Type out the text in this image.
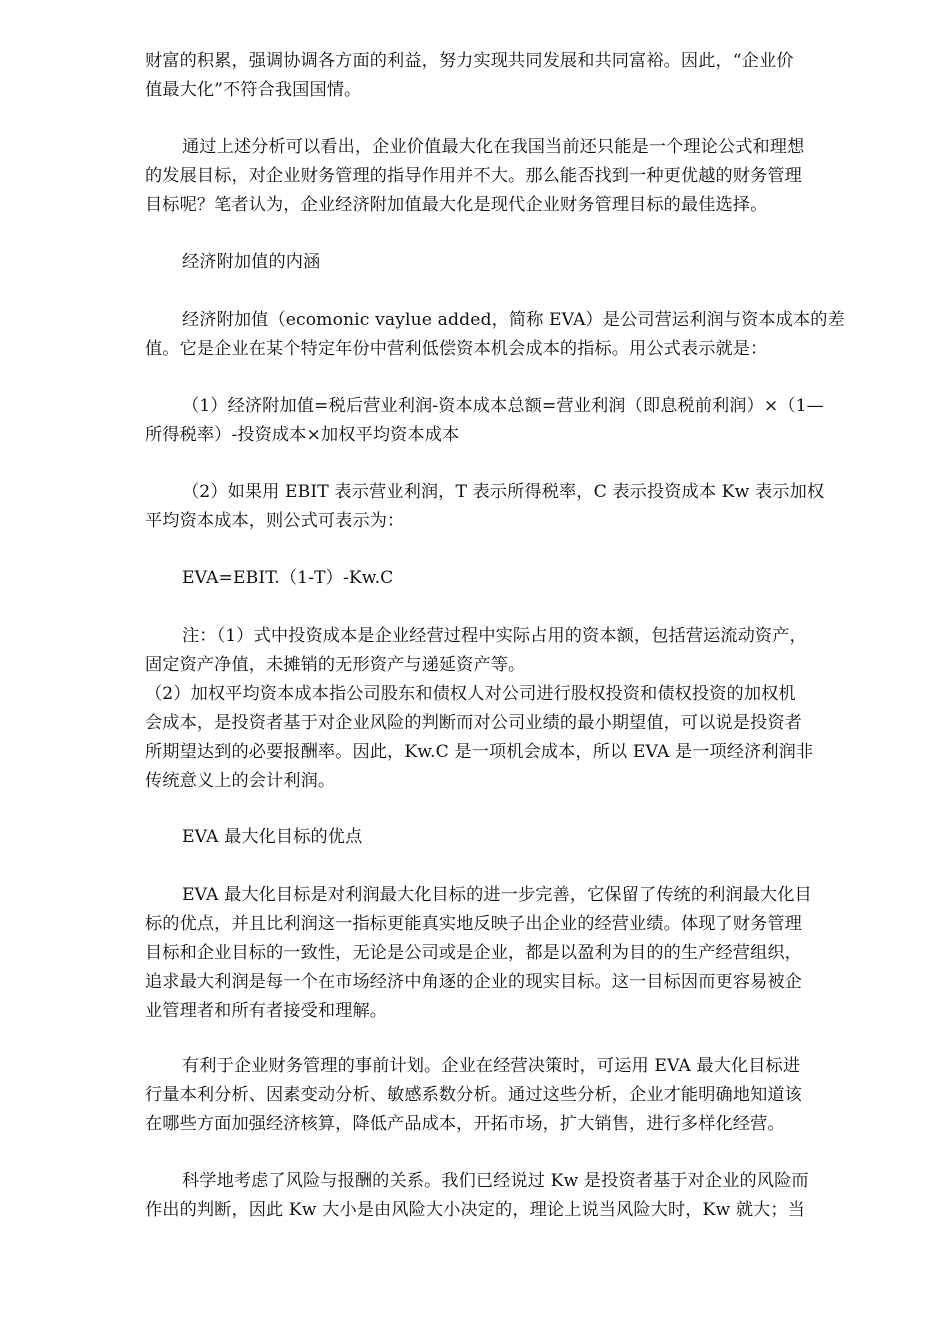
财富的积累，强调协调各方面的利益，努力实现共同发展和共同富裕。因此，“企业价
值最大化”不符合我国国情。

通过上述分析可以看出，企业价值最大化在我国当前还只能是一个理论公式和理想
的发展目标，对企业财务管理的指导作用并不大。那么能否找到一种更优越的财务管理
目标呢？笔者认为，企业经济附加值最大化是现代企业财务管理目标的最佳选择。

经济附加值的内涵

经济附加值（ecomonic vaylue added，简称 EVA）是公司营运利润与资本成本的差
值。它是企业在某个特定年份中营利低偿资本机会成本的指标。用公式表示就是：

（1）经济附加值=税后营业利润-资本成本总额=营业利润（即息税前利润）×（1—
所得税率）-投资成本×加权平均资本成本

（2）如果用 EBIT 表示营业利润，T 表示所得税率，C 表示投资成本 Kw 表示加权
平均资本成本，则公式可表示为：

EVA=EBIT.（1-T）-Kw.C

注：（1）式中投资成本是企业经营过程中实际占用的资本额，包括营运流动资产，
固定资产净值，未摊销的无形资产与递延资产等。
（2）加权平均资本成本指公司股东和债权人对公司进行股权投资和债权投资的加权机
会成本，是投资者基于对企业风险的判断而对公司业绩的最小期望值，可以说是投资者
所期望达到的必要报酬率。因此，Kw.C 是一项机会成本，所以 EVA 是一项经济利润非
传统意义上的会计利润。

EVA 最大化目标的优点

EVA 最大化目标是对利润最大化目标的进一步完善，它保留了传统的利润最大化目
标的优点，并且比利润这一指标更能真实地反映子出企业的经营业绩。体现了财务管理
目标和企业目标的一致性，无论是公司或是企业，都是以盈利为目的的生产经营组织，
追求最大利润是每一个在市场经济中角逐的企业的现实目标。这一目标因而更容易被企
业管理者和所有者接受和理解。

有利于企业财务管理的事前计划。企业在经营决策时，可运用 EVA 最大化目标进
行量本利分析、因素变动分析、敏感系数分析。通过这些分析，企业才能明确地知道该
在哪些方面加强经济核算，降低产品成本，开拓市场，扩大销售，进行多样化经营。

科学地考虑了风险与报酬的关系。我们已经说过 Kw 是投资者基于对企业的风险而
作出的判断，因此 Kw 大小是由风险大小决定的，理论上说当风险大时，Kw 就大；当
